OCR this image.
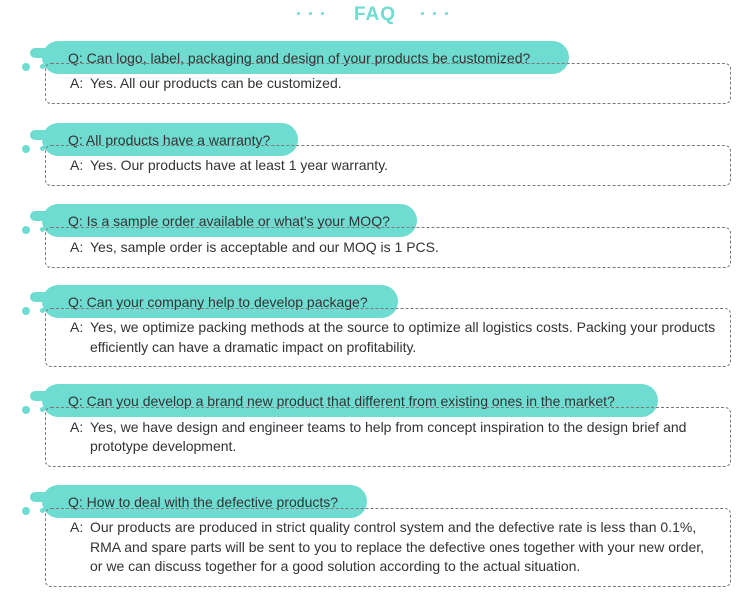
FAQ
Q: Can logo, label, packaging and design of your products be customized?
A: Yes. All our products can be customized.
Q: All products have a warranty?
A: Yes. Our products have at least 1 year warranty.
Q: Is a sample order available or what’s your MOQ?
A: Yes, sample order is acceptable and our MOQ is 1 PCS.
Q: Can your company help to develop package?
A: Yes, we optimize packing methods at the source to optimize all logistics costs. Packing your products efficiently can have a dramatic impact on profitability.
Q: Can you develop a brand new product that different from existing ones in the market?
A: Yes, we have design and engineer teams to help from concept inspiration to the design brief and prototype development.
Q: How to deal with the defective products?
A: Our products are produced in strict quality control system and the defective rate is less than 0.1%, RMA and spare parts will be sent to you to replace the defective ones together with your new order, or we can discuss together for a good solution according to the actual situation.
